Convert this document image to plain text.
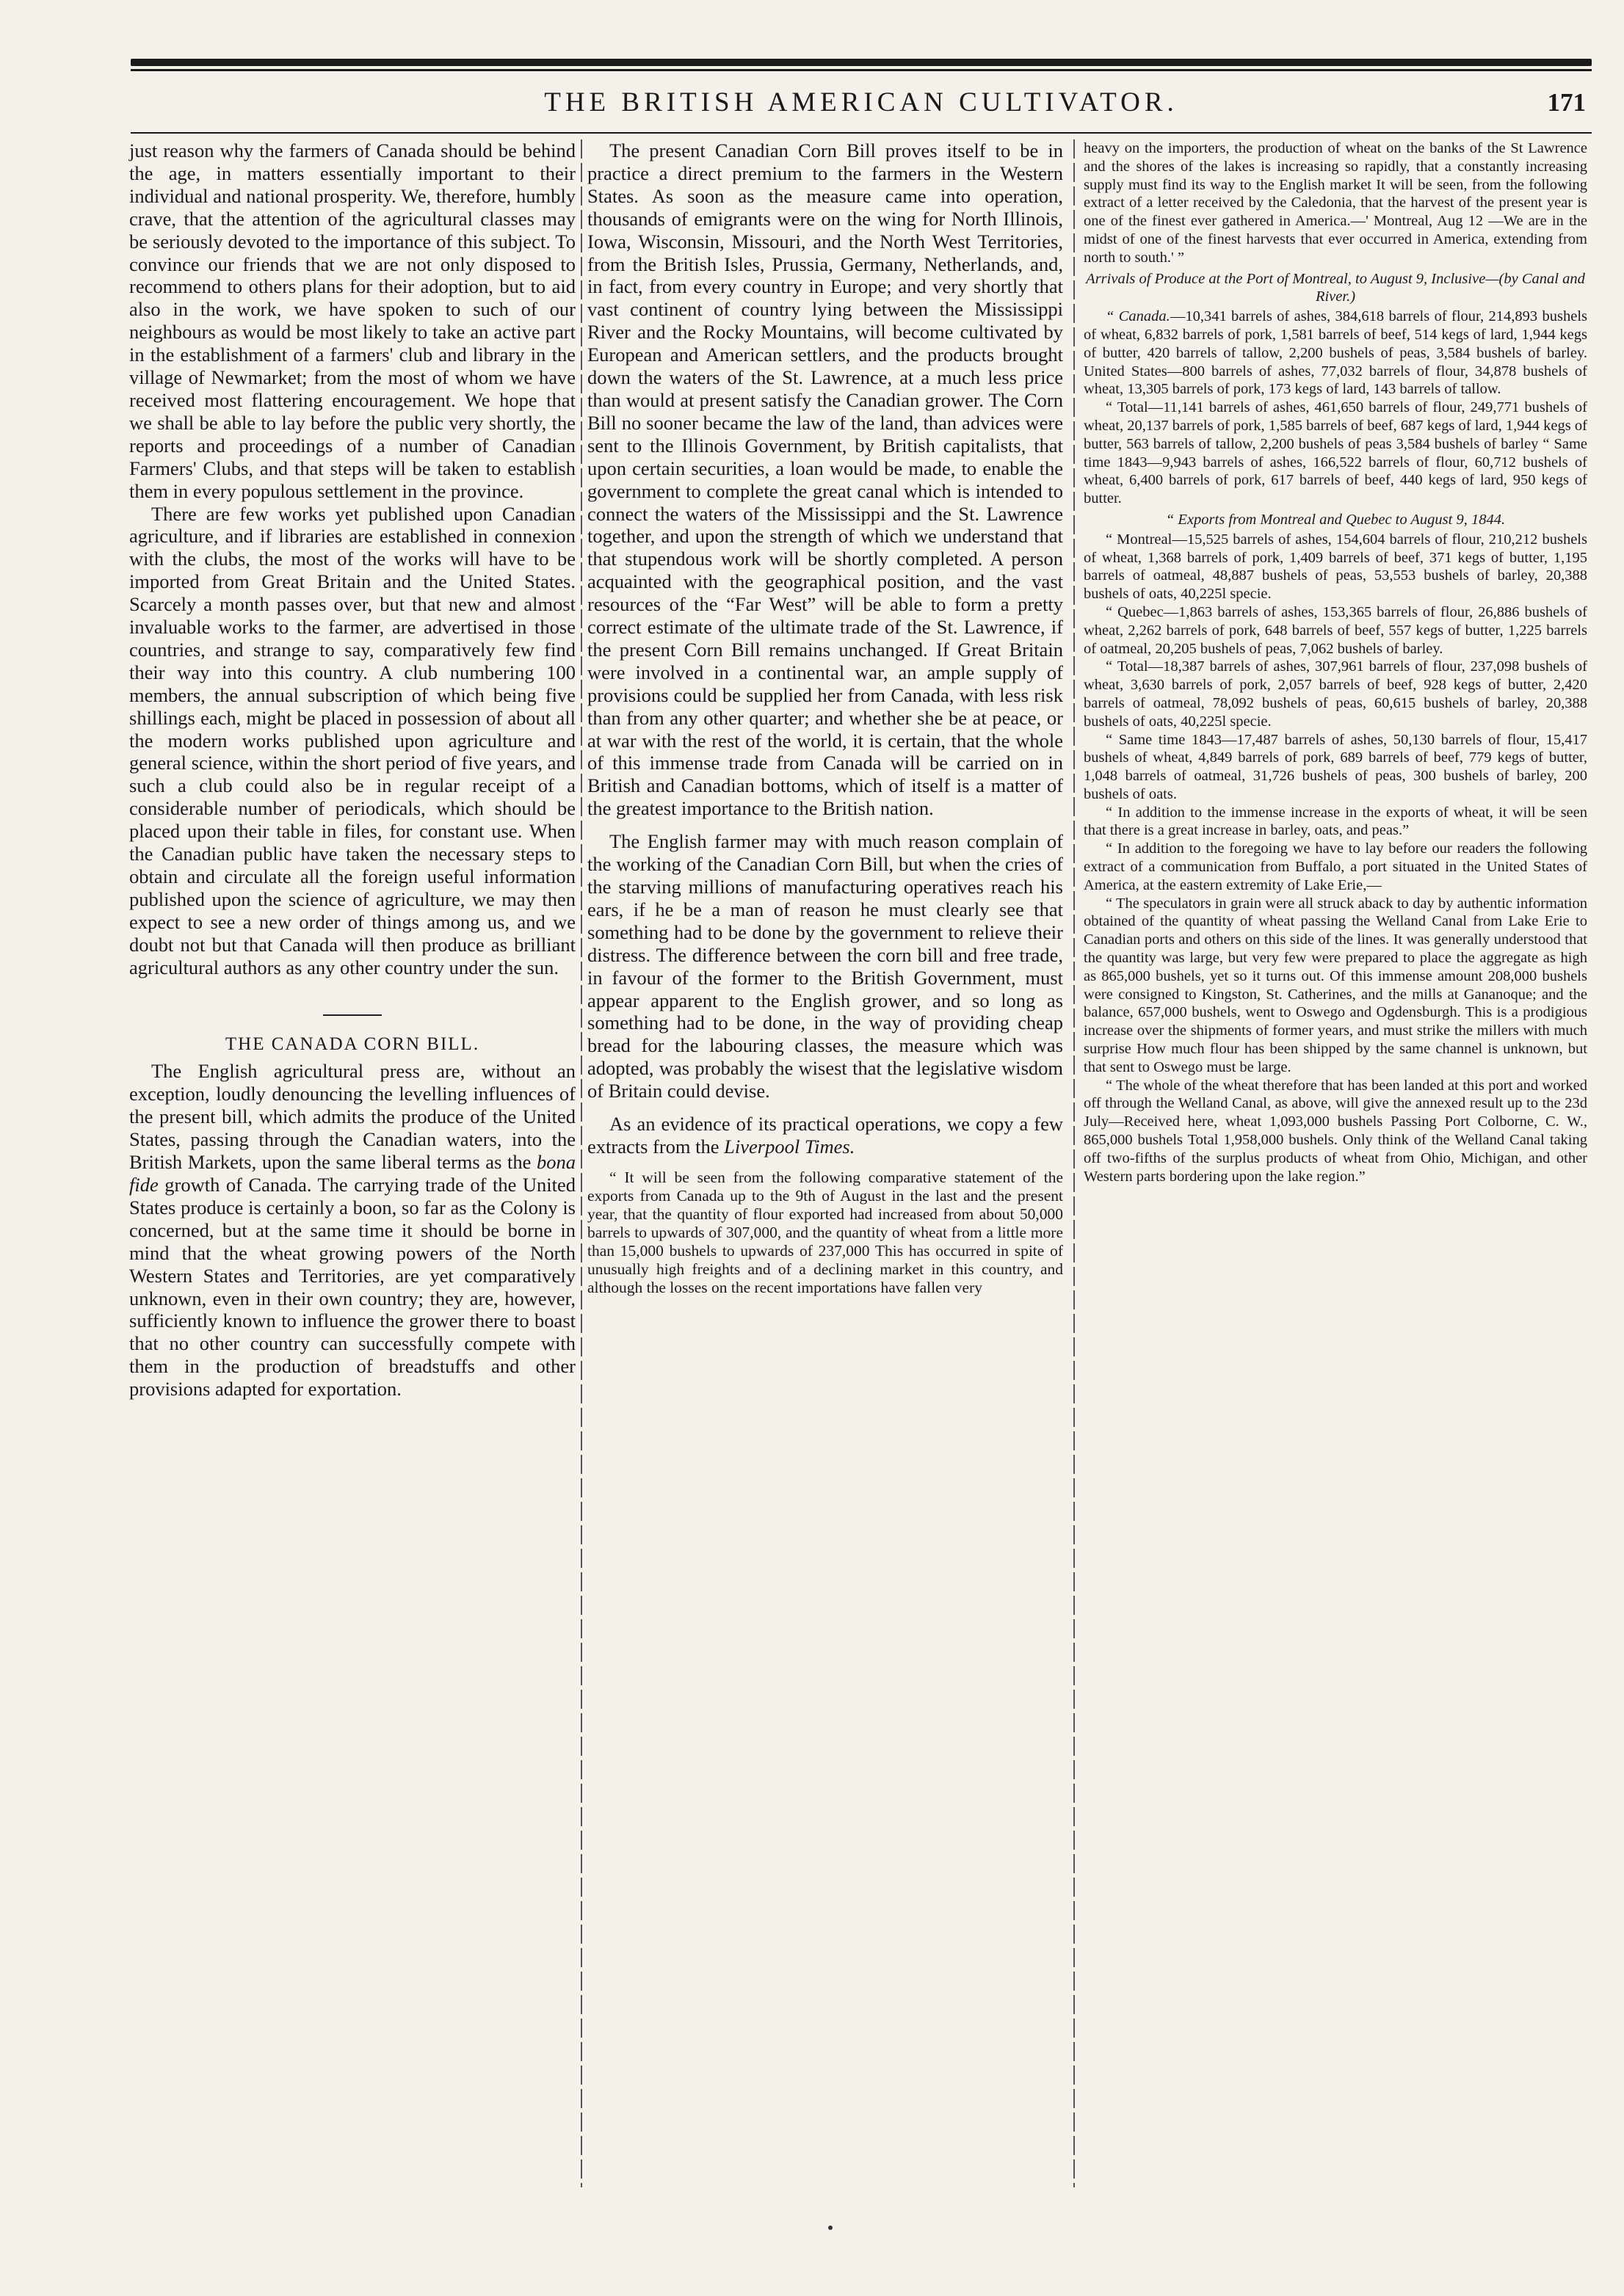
THE BRITISH AMERICAN CULTIVATOR.	171

just reason why the farmers of Canada should be behind the age, in matters essentially important to their individual and national prosperity. We, therefore, humbly crave, that the attention of the agricultural classes may be seriously devoted to the importance of this subject. To convince our friends that we are not only disposed to recommend to others plans for their adoption, but to aid also in the work, we have spoken to such of our neighbours as would be most likely to take an active part in the establishment of a farmers' club and library in the village of Newmarket; from the most of whom we have received most flattering encouragement. We hope that we shall be able to lay before the public very shortly, the reports and proceedings of a number of Canadian Farmers' Clubs, and that steps will be taken to establish them in every populous settlement in the province.

There are few works yet published upon Canadian agriculture, and if libraries are established in connexion with the clubs, the most of the works will have to be imported from Great Britain and the United States. Scarcely a month passes over, but that new and almost invaluable works to the farmer, are advertised in those countries, and strange to say, comparatively few find their way into this country. A club numbering 100 members, the annual subscription of which being five shillings each, might be placed in possession of about all the modern works published upon agriculture and general science, within the short period of five years, and such a club could also be in regular receipt of a considerable number of periodicals, which should be placed upon their table in files, for constant use. When the Canadian public have taken the necessary steps to obtain and circulate all the foreign useful information published upon the science of agriculture, we may then expect to see a new order of things among us, and we doubt not but that Canada will then produce as brilliant agricultural authors as any other country under the sun.

THE CANADA CORN BILL.

The English agricultural press are, without an exception, loudly denouncing the levelling influences of the present bill, which admits the produce of the United States, passing through the Canadian waters, into the British Markets, upon the same liberal terms as the bona fide growth of Canada. The carrying trade of the United States produce is certainly a boon, so far as the Colony is concerned, but at the same time it should be borne in mind that the wheat growing powers of the North Western States and Territories, are yet comparatively unknown, even in their own country; they are, however, sufficiently known to influence the grower there to boast that no other country can successfully compete with them in the production of breadstuffs and other provisions adapted for exportation.

The present Canadian Corn Bill proves itself to be in practice a direct premium to the farmers in the Western States. As soon as the measure came into operation, thousands of emigrants were on the wing for North Illinois, Iowa, Wisconsin, Missouri, and the North West Territories, from the British Isles, Prussia, Germany, Netherlands, and, in fact, from every country in Europe; and very shortly that vast continent of country lying between the Mississippi River and the Rocky Mountains, will become cultivated by European and American settlers, and the products brought down the waters of the St. Lawrence, at a much less price than would at present satisfy the Canadian grower. The Corn Bill no sooner became the law of the land, than advices were sent to the Illinois Government, by British capitalists, that upon certain securities, a loan would be made, to enable the government to complete the great canal which is intended to connect the waters of the Mississippi and the St. Lawrence together, and upon the strength of which we understand that that stupendous work will be shortly completed. A person acquainted with the geographical position, and the vast resources of the “Far West” will be able to form a pretty correct estimate of the ultimate trade of the St. Lawrence, if the present Corn Bill remains unchanged. If Great Britain were involved in a continental war, an ample supply of provisions could be supplied her from Canada, with less risk than from any other quarter; and whether she be at peace, or at war with the rest of the world, it is certain, that the whole of this immense trade from Canada will be carried on in British and Canadian bottoms, which of itself is a matter of the greatest importance to the British nation.

The English farmer may with much reason complain of the working of the Canadian Corn Bill, but when the cries of the starving millions of manufacturing operatives reach his ears, if he be a man of reason he must clearly see that something had to be done by the government to relieve their distress. The difference between the corn bill and free trade, in favour of the former to the British Government, must appear apparent to the English grower, and so long as something had to be done, in the way of providing cheap bread for the labouring classes, the measure which was adopted, was probably the wisest that the legislative wisdom of Britain could devise.

As an evidence of its practical operations, we copy a few extracts from the Liverpool Times.

“ It will be seen from the following comparative statement of the exports from Canada up to the 9th of August in the last and the present year, that the quantity of flour exported had increased from about 50,000 barrels to upwards of 307,000, and the quantity of wheat from a little more than 15,000 bushels to upwards of 237,000 This has occurred in spite of unusually high freights and of a declining market in this country, and although the losses on the recent importations have fallen very

heavy on the importers, the production of wheat on the banks of the St Lawrence and the shores of the lakes is increasing so rapidly, that a constantly increasing supply must find its way to the English market It will be seen, from the following extract of a letter received by the Caledonia, that the harvest of the present year is one of the finest ever gathered in America.—' Montreal, Aug 12 —We are in the midst of one of the finest harvests that ever occurred in America, extending from north to south.' ”

Arrivals of Produce at the Port of Montreal, to August 9, Inclusive—(by Canal and River.)

“ Canada.—10,341 barrels of ashes, 384,618 barrels of flour, 214,893 bushels of wheat, 6,832 barrels of pork, 1,581 barrels of beef, 514 kegs of lard, 1,944 kegs of butter, 420 barrels of tallow, 2,200 bushels of peas, 3,584 bushels of barley. United States—800 barrels of ashes, 77,032 barrels of flour, 34,878 bushels of wheat, 13,305 barrels of pork, 173 kegs of lard, 143 barrels of tallow.

“ Total—11,141 barrels of ashes, 461,650 barrels of flour, 249,771 bushels of wheat, 20,137 barrels of pork, 1,585 barrels of beef, 687 kegs of lard, 1,944 kegs of butter, 563 barrels of tallow, 2,200 bushels of peas 3,584 bushels of barley “ Same time 1843—9,943 barrels of ashes, 166,522 barrels of flour, 60,712 bushels of wheat, 6,400 barrels of pork, 617 barrels of beef, 440 kegs of lard, 950 kegs of butter.

“ Exports from Montreal and Quebec to August 9, 1844.

“ Montreal—15,525 barrels of ashes, 154,604 barrels of flour, 210,212 bushels of wheat, 1,368 barrels of pork, 1,409 barrels of beef, 371 kegs of butter, 1,195 barrels of oatmeal, 48,887 bushels of peas, 53,553 bushels of barley, 20,388 bushels of oats, 40,225l specie.

“ Quebec—1,863 barrels of ashes, 153,365 barrels of flour, 26,886 bushels of wheat, 2,262 barrels of pork, 648 barrels of beef, 557 kegs of butter, 1,225 barrels of oatmeal, 20,205 bushels of peas, 7,062 bushels of barley.

“ Total—18,387 barrels of ashes, 307,961 barrels of flour, 237,098 bushels of wheat, 3,630 barrels of pork, 2,057 barrels of beef, 928 kegs of butter, 2,420 barrels of oatmeal, 78,092 bushels of peas, 60,615 bushels of barley, 20,388 bushels of oats, 40,225l specie.

“ Same time 1843—17,487 barrels of ashes, 50,130 barrels of flour, 15,417 bushels of wheat, 4,849 barrels of pork, 689 barrels of beef, 779 kegs of butter, 1,048 barrels of oatmeal, 31,726 bushels of peas, 300 bushels of barley, 200 bushels of oats.

“ In addition to the immense increase in the exports of wheat, it will be seen that there is a great increase in barley, oats, and peas.”

“ In addition to the foregoing we have to lay before our readers the following extract of a communication from Buffalo, a port situated in the United States of America, at the eastern extremity of Lake Erie,—

“ The speculators in grain were all struck aback to day by authentic information obtained of the quantity of wheat passing the Welland Canal from Lake Erie to Canadian ports and others on this side of the lines. It was generally understood that the quantity was large, but very few were prepared to place the aggregate as high as 865,000 bushels, yet so it turns out. Of this immense amount 208,000 bushels were consigned to Kingston, St. Catherines, and the mills at Gananoque; and the balance, 657,000 bushels, went to Oswego and Ogdensburgh. This is a prodigious increase over the shipments of former years, and must strike the millers with much surprise How much flour has been shipped by the same channel is unknown, but that sent to Oswego must be large.

“ The whole of the wheat therefore that has been landed at this port and worked off through the Welland Canal, as above, will give the annexed result up to the 23d July—Received here, wheat 1,093,000 bushels Passing Port Colborne, C. W., 865,000 bushels Total 1,958,000 bushels. Only think of the Welland Canal taking off two-fifths of the surplus products of wheat from Ohio, Michigan, and other Western parts bordering upon the lake region.”
